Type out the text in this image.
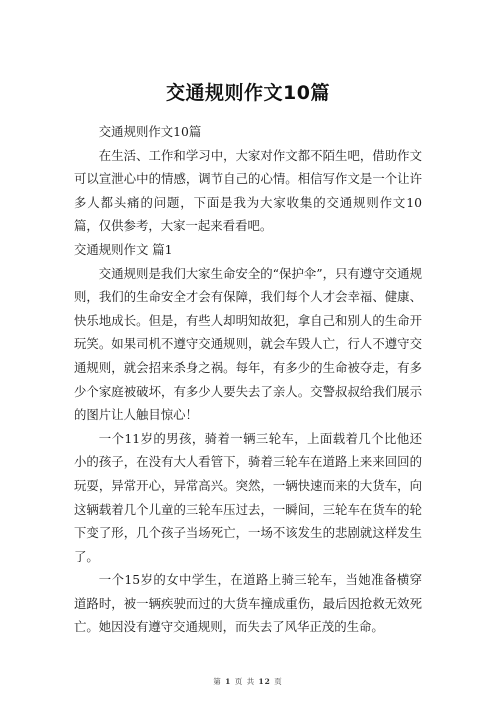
交通规则作文10篇

交通规则作文10篇

在生活、工作和学习中，大家对作文都不陌生吧，借助作文可以宣泄心中的情感，调节自己的心情。相信写作文是一个让许多人都头痛的问题，下面是我为大家收集的交通规则作文10篇，仅供参考，大家一起来看看吧。

交通规则作文 篇1

交通规则是我们大家生命安全的“保护伞”，只有遵守交通规则，我们的生命安全才会有保障，我们每个人才会幸福、健康、快乐地成长。但是，有些人却明知故犯，拿自己和别人的生命开玩笑。如果司机不遵守交通规则，就会车毁人亡，行人不遵守交通规则，就会招来杀身之祸。每年，有多少的生命被夺走，有多少个家庭被破坏，有多少人要失去了亲人。交警叔叔给我们展示的图片让人触目惊心！

一个11岁的男孩，骑着一辆三轮车，上面载着几个比他还小的孩子，在没有大人看管下，骑着三轮车在道路上来来回回的玩耍，异常开心，异常高兴。突然，一辆快速而来的大货车，向这辆载着几个儿童的三轮车压过去，一瞬间，三轮车在货车的轮下变了形，几个孩子当场死亡，一场不该发生的悲剧就这样发生了。

一个15岁的女中学生，在道路上骑三轮车，当她准备横穿道路时，被一辆疾驶而过的大货车撞成重伤，最后因抢救无效死亡。她因没有遵守交通规则，而失去了风华正茂的生命。

第 1 页 共 12 页
